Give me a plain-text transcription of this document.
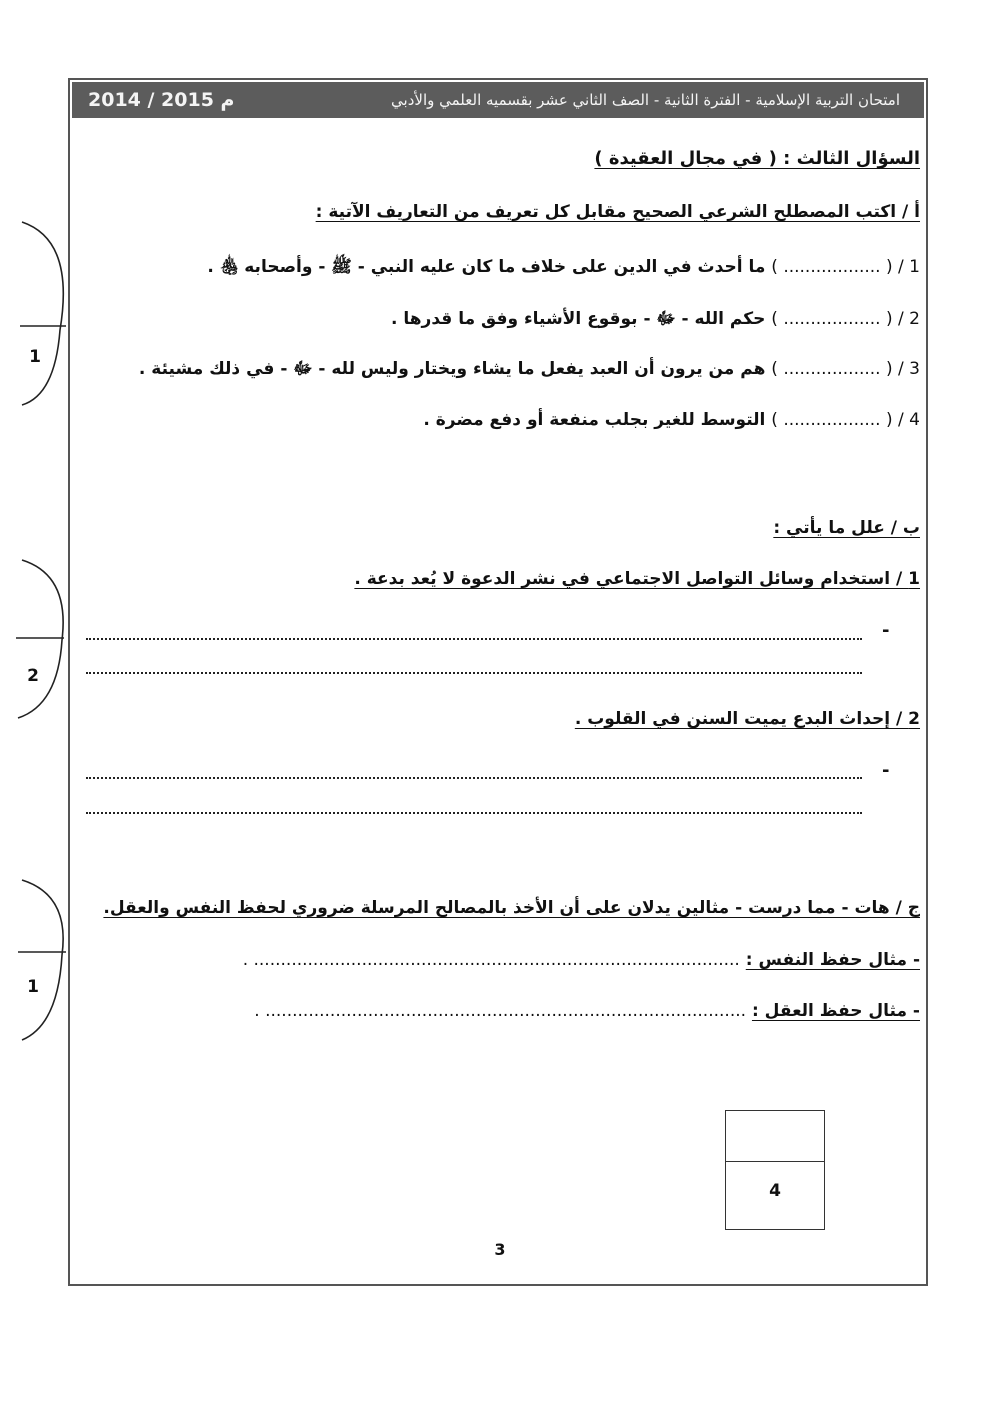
2014 / 2015 م	امتحان التربية الإسلامية - الفترة الثانية - الصف الثاني عشر بقسميه العلمي والأدبي
1
2
1
السؤال الثالث : ( في مجال العقيدة )
أ / اكتب المصطلح الشرعي الصحيح مقابل كل تعريف من التعاريف الآتية :
1 / ( .................. ) ما أحدث في الدين على خلاف ما كان عليه النبي - ﷺ - وأصحابه ﵃ .
2 / ( .................. ) حكم الله - ﷻ - بوقوع الأشياء وفق ما قدرها .
3 / ( .................. ) هم من يرون أن العبد يفعل ما يشاء ويختار وليس لله - ﷻ - في ذلك مشيئة .
4 / ( .................. ) التوسط للغير بجلب منفعة أو دفع مضرة .
ب / علل ما يأتي :
1 / استخدام وسائل التواصل الاجتماعي في نشر الدعوة لا يُعد بدعة .
-
2 / إحداث البدع يميت السنن في القلوب .
-
ج / هات - مما درست - مثالين يدلان على أن الأخذ بالمصالح المرسلة ضروري لحفظ النفس والعقل.
- مثال حفظ النفس : .......................................................................................... .
- مثال حفظ العقل : ......................................................................................... .
4
3
